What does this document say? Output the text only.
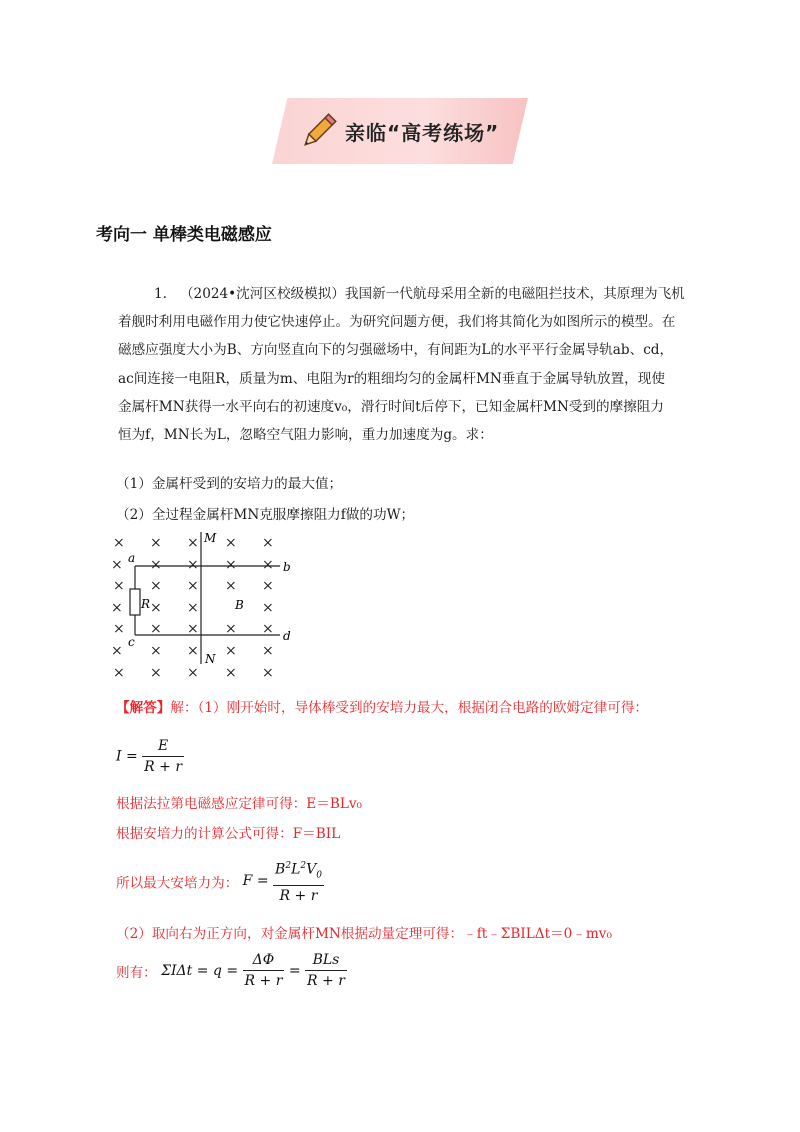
亲临“高考练场”
考向一 单棒类电磁感应
1. （2024•沈河区校级模拟）我国新一代航母采用全新的电磁阻拦技术，其原理为飞机
着舰时利用电磁作用力使它快速停止。为研究问题方便，我们将其简化为如图所示的模型。在
磁感应强度大小为B、方向竖直向下的匀强磁场中，有间距为L的水平平行金属导轨ab、cd，
ac间连接一电阻R，质量为m、电阻为r的粗细均匀的金属杆MN垂直于金属导轨放置，现使
金属杆MN获得一水平向右的初速度v₀，滑行时间t后停下，已知金属杆MN受到的摩擦阻力
恒为f，MN长为L，忽略空气阻力影响，重力加速度为g。求：
（1）金属杆受到的安培力的最大值；
（2）全过程金属杆MN克服摩擦阻力f做的功W；
× × × × ×
× × × ×
× × × × ×
× ×	×
× × × × ×
× × × ×
× × × × ×
×
×
×
M
N
a
b
c	d
R	B
【解答】解：（1）刚开始时，导体棒受到的安培力最大，根据闭合电路的欧姆定律可得：
$I = \frac{E}{R + r}$
根据法拉第电磁感应定律可得：E＝BLv₀
根据安培力的计算公式可得：F＝BIL
所以最大安培力为： $F = \frac{B^2L^2V_0}{R + r}$
（2）取向右为正方向，对金属杆MN根据动量定理可得：﹣ft﹣ΣBILΔt＝0﹣mv₀
则有： $\Sigma I\Delta t = q = \frac{\Delta\Phi}{R + r} = \frac{\text{BLs}}{R + r}$
